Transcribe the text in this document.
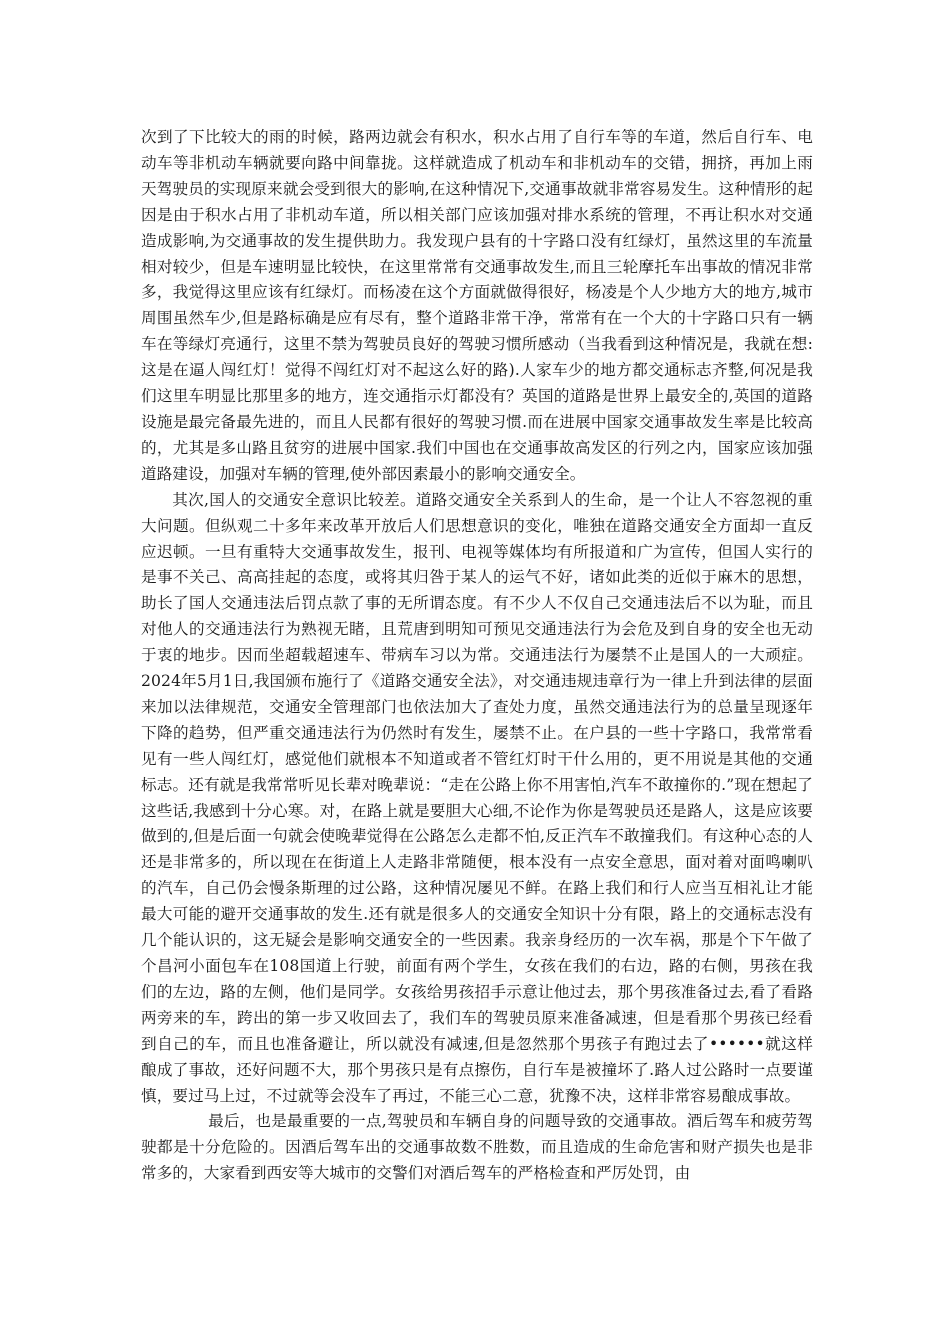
次到了下比较大的雨的时候，路两边就会有积水，积水占用了自行车等的车道，然后自行车、电动车等非机动车辆就要向路中间靠拢。这样就造成了机动车和非机动车的交错，拥挤，再加上雨天驾驶员的实现原来就会受到很大的影响,在这种情况下,交通事故就非常容易发生。这种情形的起因是由于积水占用了非机动车道，所以相关部门应该加强对排水系统的管理，不再让积水对交通造成影响,为交通事故的发生提供助力。我发现户县有的十字路口没有红绿灯，虽然这里的车流量相对较少，但是车速明显比较快，在这里常常有交通事故发生,而且三轮摩托车出事故的情况非常多，我觉得这里应该有红绿灯。而杨凌在这个方面就做得很好，杨凌是个人少地方大的地方,城市周围虽然车少,但是路标确是应有尽有，整个道路非常干净，常常有在一个大的十字路口只有一辆车在等绿灯亮通行，这里不禁为驾驶员良好的驾驶习惯所感动（当我看到这种情况是，我就在想:这是在逼人闯红灯！觉得不闯红灯对不起这么好的路).人家车少的地方都交通标志齐整,何况是我们这里车明显比那里多的地方，连交通指示灯都没有？英国的道路是世界上最安全的,英国的道路设施是最完备最先进的，而且人民都有很好的驾驶习惯.而在进展中国家交通事故发生率是比较高的，尤其是多山路且贫穷的进展中国家.我们中国也在交通事故高发区的行列之内，国家应该加强道路建设，加强对车辆的管理,使外部因素最小的影响交通安全。

其次,国人的交通安全意识比较差。道路交通安全关系到人的生命，是一个让人不容忽视的重大问题。但纵观二十多年来改革开放后人们思想意识的变化，唯独在道路交通安全方面却一直反应迟顿。一旦有重特大交通事故发生，报刊、电视等媒体均有所报道和广为宣传，但国人实行的是事不关己、高高挂起的态度，或将其归咎于某人的运气不好，诸如此类的近似于麻木的思想，助长了国人交通违法后罚点款了事的无所谓态度。有不少人不仅自己交通违法后不以为耻，而且对他人的交通违法行为熟视无睹，且荒唐到明知可预见交通违法行为会危及到自身的安全也无动于衷的地步。因而坐超载超速车、带病车习以为常。交通违法行为屡禁不止是国人的一大顽症。2024年5月1日,我国颁布施行了《道路交通安全法》，对交通违规违章行为一律上升到法律的层面来加以法律规范，交通安全管理部门也依法加大了查处力度，虽然交通违法行为的总量呈现逐年下降的趋势，但严重交通违法行为仍然时有发生，屡禁不止。在户县的一些十字路口，我常常看见有一些人闯红灯，感觉他们就根本不知道或者不管红灯时干什么用的，更不用说是其他的交通标志。还有就是我常常听见长辈对晚辈说：“走在公路上你不用害怕,汽车不敢撞你的.”现在想起了这些话,我感到十分心寒。对，在路上就是要胆大心细,不论作为你是驾驶员还是路人，这是应该要做到的,但是后面一句就会使晚辈觉得在公路怎么走都不怕,反正汽车不敢撞我们。有这种心态的人还是非常多的，所以现在在街道上人走路非常随便，根本没有一点安全意思，面对着对面鸣喇叭的汽车，自己仍会慢条斯理的过公路，这种情况屡见不鲜。在路上我们和行人应当互相礼让才能最大可能的避开交通事故的发生.还有就是很多人的交通安全知识十分有限，路上的交通标志没有几个能认识的，这无疑会是影响交通安全的一些因素。我亲身经历的一次车祸，那是个下午做了个昌河小面包车在108国道上行驶，前面有两个学生，女孩在我们的右边，路的右侧，男孩在我们的左边，路的左侧，他们是同学。女孩给男孩招手示意让他过去，那个男孩准备过去,看了看路两旁来的车，跨出的第一步又收回去了，我们车的驾驶员原来准备减速，但是看那个男孩已经看到自己的车，而且也准备避让，所以就没有减速,但是忽然那个男孩子有跑过去了••••••就这样酿成了事故，还好问题不大，那个男孩只是有点擦伤，自行车是被撞坏了.路人过公路时一点要谨慎，要过马上过，不过就等会没车了再过，不能三心二意，犹豫不决，这样非常容易酿成事故。

最后，也是最重要的一点,驾驶员和车辆自身的问题导致的交通事故。酒后驾车和疲劳驾驶都是十分危险的。因酒后驾车出的交通事故数不胜数，而且造成的生命危害和财产损失也是非常多的，大家看到西安等大城市的交警们对酒后驾车的严格检查和严厉处罚，由
